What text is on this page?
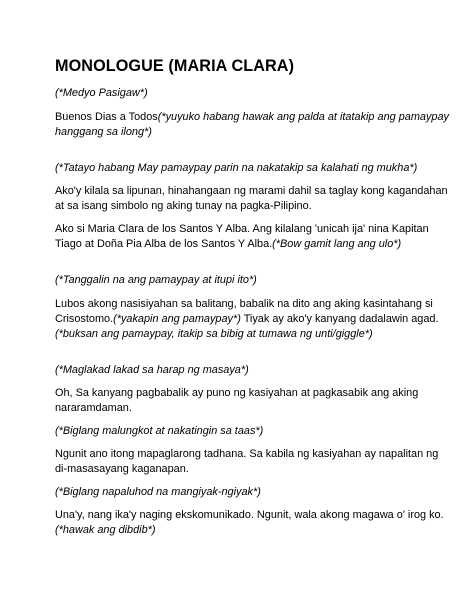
MONOLOGUE (MARIA CLARA)

(*Medyo Pasigaw*)

Buenos Dias a Todos(*yuyuko habang hawak ang palda at itatakip ang pamaypay hanggang sa ilong*)

(*Tatayo habang May pamaypay parin na nakatakip sa kalahati ng mukha*)

Ako'y kilala sa lipunan, hinahangaan ng marami dahil sa taglay kong kagandahan at sa isang simbolo ng aking tunay na pagka-Pilipino.

Ako si Maria Clara de los Santos Y Alba. Ang kilalang 'unicah ija' nina Kapitan Tiago at Doña Pia Alba de los Santos Y Alba.(*Bow gamit lang ang ulo*)

(*Tanggalin na ang pamaypay at itupi ito*)

Lubos akong nasisiyahan sa balitang, babalik na dito ang aking kasintahang si Crisostomo.(*yakapin ang pamaypay*) Tiyak ay ako'y kanyang dadalawin agad.(*buksan ang pamaypay, itakip sa bibig at tumawa ng unti/giggle*)

(*Maglakad lakad sa harap ng masaya*)

Oh, Sa kanyang pagbabalik ay puno ng kasiyahan at pagkasabik ang aking nararamdaman.

(*Biglang malungkot at nakatingin sa taas*)

Ngunit ano itong mapaglarong tadhana. Sa kabila ng kasiyahan ay napalitan ng di-masasayang kaganapan.

(*Biglang napaluhod na mangiyak-ngiyak*)

Una'y, nang ika'y naging ekskomunikado. Ngunit, wala akong magawa o' irog ko.(*hawak ang dibdib*)
